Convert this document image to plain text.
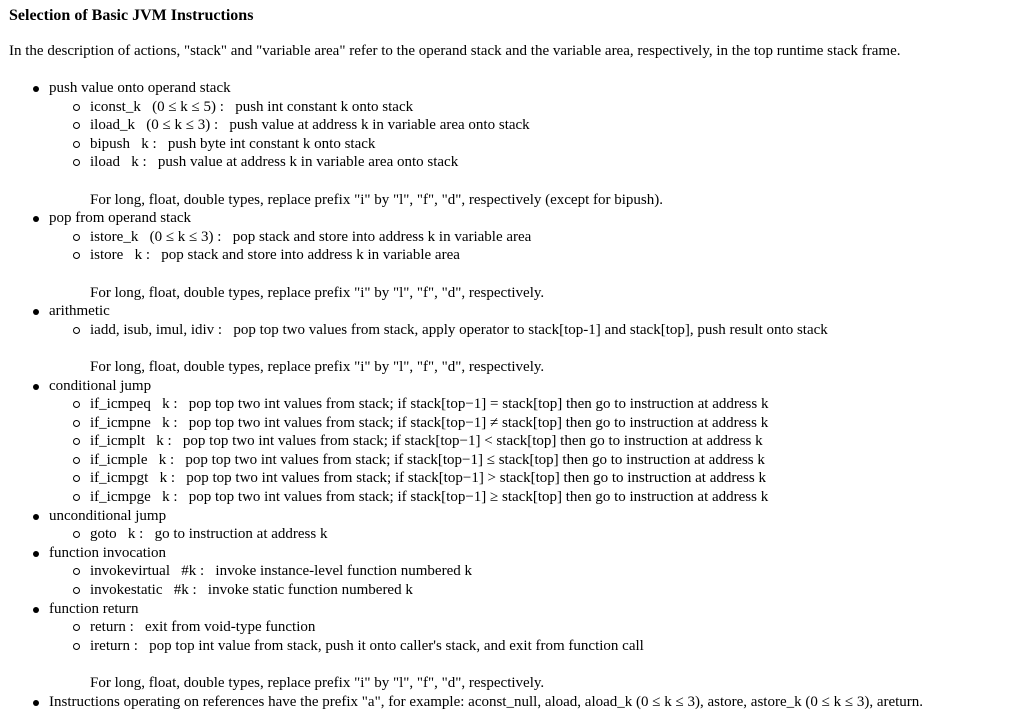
Selection of Basic JVM Instructions

In the description of actions, "stack" and "variable area" refer to the operand stack and the variable area, respectively, in the top runtime stack frame.

push value onto operand stack
iconst_k   (0 ≤ k ≤ 5) :   push int constant k onto stack
iload_k   (0 ≤ k ≤ 3) :   push value at address k in variable area onto stack
bipush   k :   push byte int constant k onto stack
iload   k :   push value at address k in variable area onto stack
For long, float, double types, replace prefix "i" by "l", "f", "d", respectively (except for bipush).
pop from operand stack
istore_k   (0 ≤ k ≤ 3) :   pop stack and store into address k in variable area
istore   k :   pop stack and store into address k in variable area
For long, float, double types, replace prefix "i" by "l", "f", "d", respectively.
arithmetic
iadd, isub, imul, idiv :   pop top two values from stack, apply operator to stack[top-1] and stack[top], push result onto stack
For long, float, double types, replace prefix "i" by "l", "f", "d", respectively.
conditional jump
if_icmpeq   k :   pop top two int values from stack; if stack[top−1] = stack[top] then go to instruction at address k
if_icmpne   k :   pop top two int values from stack; if stack[top−1] ≠ stack[top] then go to instruction at address k
if_icmplt   k :   pop top two int values from stack; if stack[top−1] < stack[top] then go to instruction at address k
if_icmple   k :   pop top two int values from stack; if stack[top−1] ≤ stack[top] then go to instruction at address k
if_icmpgt   k :   pop top two int values from stack; if stack[top−1] > stack[top] then go to instruction at address k
if_icmpge   k :   pop top two int values from stack; if stack[top−1] ≥ stack[top] then go to instruction at address k
unconditional jump
goto   k :   go to instruction at address k
function invocation
invokevirtual   #k :   invoke instance-level function numbered k
invokestatic   #k :   invoke static function numbered k
function return
return :   exit from void-type function
ireturn :   pop top int value from stack, push it onto caller's stack, and exit from function call
For long, float, double types, replace prefix "i" by "l", "f", "d", respectively.
Instructions operating on references have the prefix "a", for example: aconst_null, aload, aload_k (0 ≤ k ≤ 3), astore, astore_k (0 ≤ k ≤ 3), areturn.
